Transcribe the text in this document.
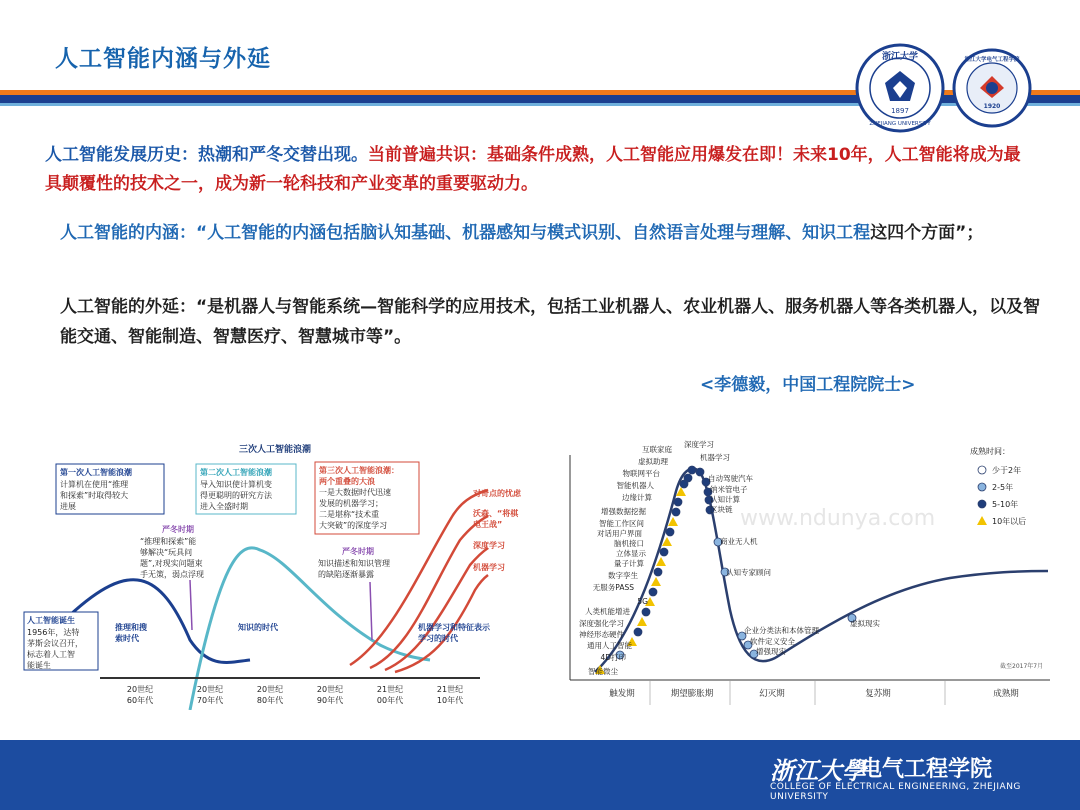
人工智能内涵与外延	浙江大学
1897
ZHEJIANG UNIVERSITY
浙江大学电气工程学院
1920
人工智能发展历史：热潮和严冬交替出现。当前普遍共识：基础条件成熟，人工智能应用爆发在即！未来10年，人工智能将成为最具颠覆性的技术之一，成为新一轮科技和产业变革的重要驱动力。
人工智能的内涵：“人工智能的内涵包括脑认知基础、机器感知与模式识别、自然语言处理与理解、知识工程这四个方面”；
人工智能的外延：“是机器人与智能系统—智能科学的应用技术，包括工业机器人、农业机器人、服务机器人等各类机器人，以及智能交通、智能制造、智慧医疗、智慧城市等”。
<李德毅，中国工程院院士>
三次人工智能浪潮
第一次人工智能浪潮
计算机在使用“推理
和探索”时取得较大
进展
第二次人工智能浪潮
导入知识使计算机变
得更聪明的研究方法
进入全盛时期
第三次人工智能浪潮：
两个重叠的大浪
一是大数据时代迅速
发展的机器学习；
二是堪称“技术重
大突破”的深度学习
严冬时期
“推理和探索”能
够解决“玩具问
题”,对现实问题束
手无策，弱点浮现
严冬时期
知识描述和知识管理
的缺陷逐渐暴露
人工智能诞生
1956年，达特
茅斯会议召开，
标志着人工智
能诞生
推理和搜
索时代
知识的时代	机器学习和特征表示
学习的时代
对奇点的忧虑
沃森、“将棋
电王战”
深度学习
机器学习
20世纪
60年代
20世纪
70年代
20世纪
80年代
20世纪
90年代
21世纪
00年代
21世纪
10年代
www.ndunya.com
互联家庭
虚拟助理
物联网平台
智能机器人
边缘计算
增强数据挖掘
智能工作区间
对话用户界面
脑机接口
立体显示
量子计算
数字孪生
无服务PASS
5G
人类机能增进
深度强化学习
神经形态硬件
通用人工智能
4D打印
智能微尘
深度学习
机器学习
自动驾驶汽车
纳米管电子
认知计算
区块链
商业无人机
认知专家顾问
企业分类法和本体管理
软件定义安全
增强现实
虚拟现实
成熟时间：
少于2年
2-5年
5-10年
10年以后
截至2017年7月
触发期	期望膨胀期	幻灭期	复苏期	成熟期
浙江大學
电气工程学院
COLLEGE OF ELECTRICAL ENGINEERING, ZHEJIANG UNIVERSITY
